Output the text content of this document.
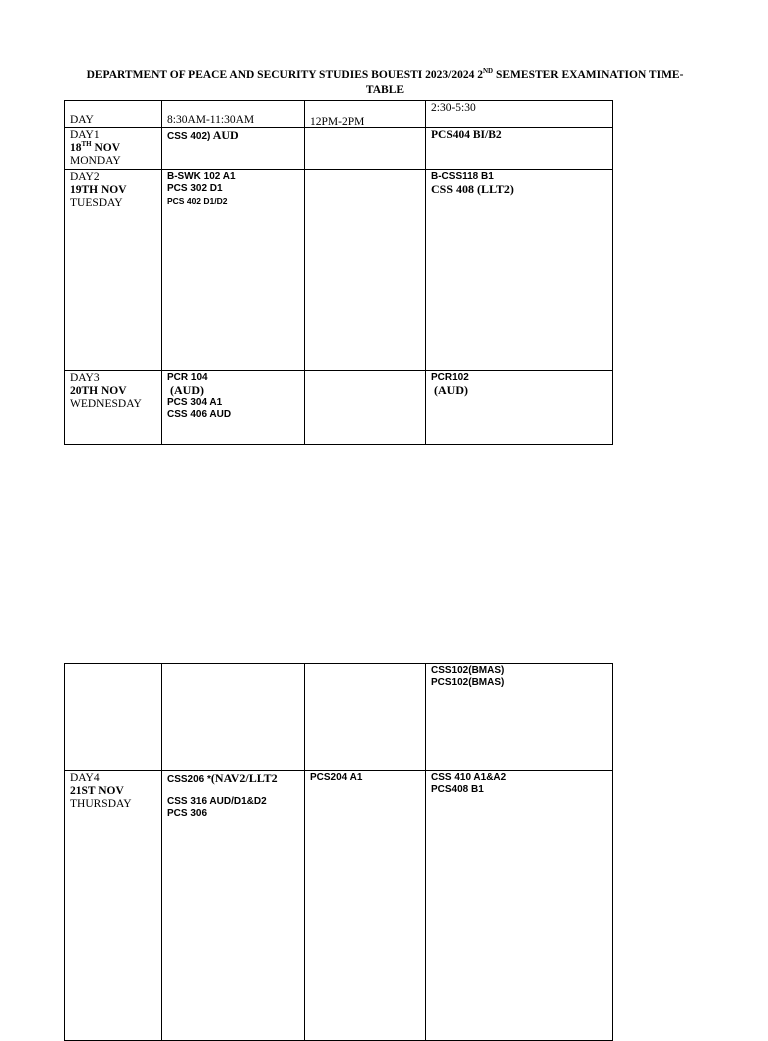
DEPARTMENT OF PEACE AND SECURITY STUDIES BOUESTI 2023/2024 2ND SEMESTER EXAMINATION TIME-
TABLE
DAY	8:30AM-11:30AM	12PM-2PM	2:30-5:30

DAY1
18TH NOV
MONDAY	CSS 402) AUD		PCS404 BI/B2

DAY2
19TH NOV
TUESDAY	B-SWK 102 A1
PCS 302 D1
PCS 402 D1/D2		B-CSS118 B1
CSS 408 (LLT2)

DAY3
20TH NOV
WEDNESDAY	PCR 104
(AUD)
PCS 304 A1
CSS 406 AUD		PCR102
(AUD)

			CSS102(BMAS)
PCS102(BMAS)

DAY4
21ST NOV
THURSDAY	CSS206 *(NAV2/LLT2
CSS 316 AUD/D1&D2
PCS 306	PCS204 A1	CSS 410 A1&A2
PCS408 B1
